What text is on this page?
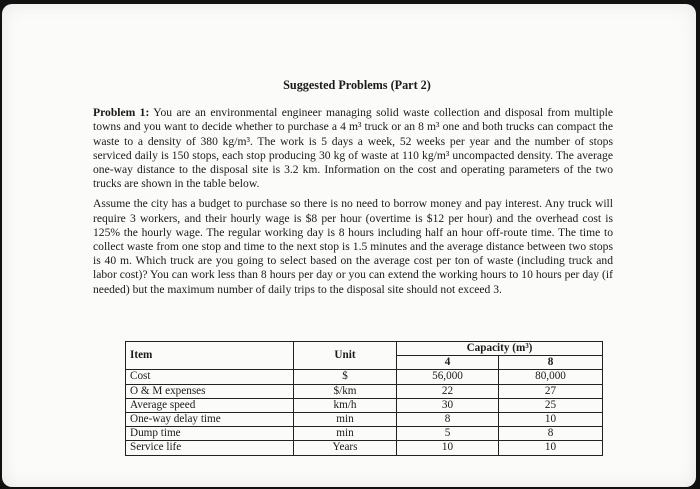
Suggested Problems (Part 2)

Problem 1: You are an environmental engineer managing solid waste collection and disposal from multiple towns and you want to decide whether to purchase a 4 m³ truck or an 8 m³ one and both trucks can compact the waste to a density of 380 kg/m³. The work is 5 days a week, 52 weeks per year and the number of stops serviced daily is 150 stops, each stop producing 30 kg of waste at 110 kg/m³ uncompacted density. The average one-way distance to the disposal site is 3.2 km. Information on the cost and operating parameters of the two trucks are shown in the table below.

Assume the city has a budget to purchase so there is no need to borrow money and pay interest. Any truck will require 3 workers, and their hourly wage is $8 per hour (overtime is $12 per hour) and the overhead cost is 125% the hourly wage. The regular working day is 8 hours including half an hour off-route time. The time to collect waste from one stop and time to the next stop is 1.5 minutes and the average distance between two stops is 40 m. Which truck are you going to select based on the average cost per ton of waste (including truck and labor cost)? You can work less than 8 hours per day or you can extend the working hours to 10 hours per day (if needed) but the maximum number of daily trips to the disposal site should not exceed 3.

Item	Unit	Capacity (m³)	
		4	8
Cost	$	56,000	80,000
O & M expenses	$/km	22	27
Average speed	km/h	30	25
One-way delay time	min	8	10
Dump time	min	5	8
Service life	Years	10	10
